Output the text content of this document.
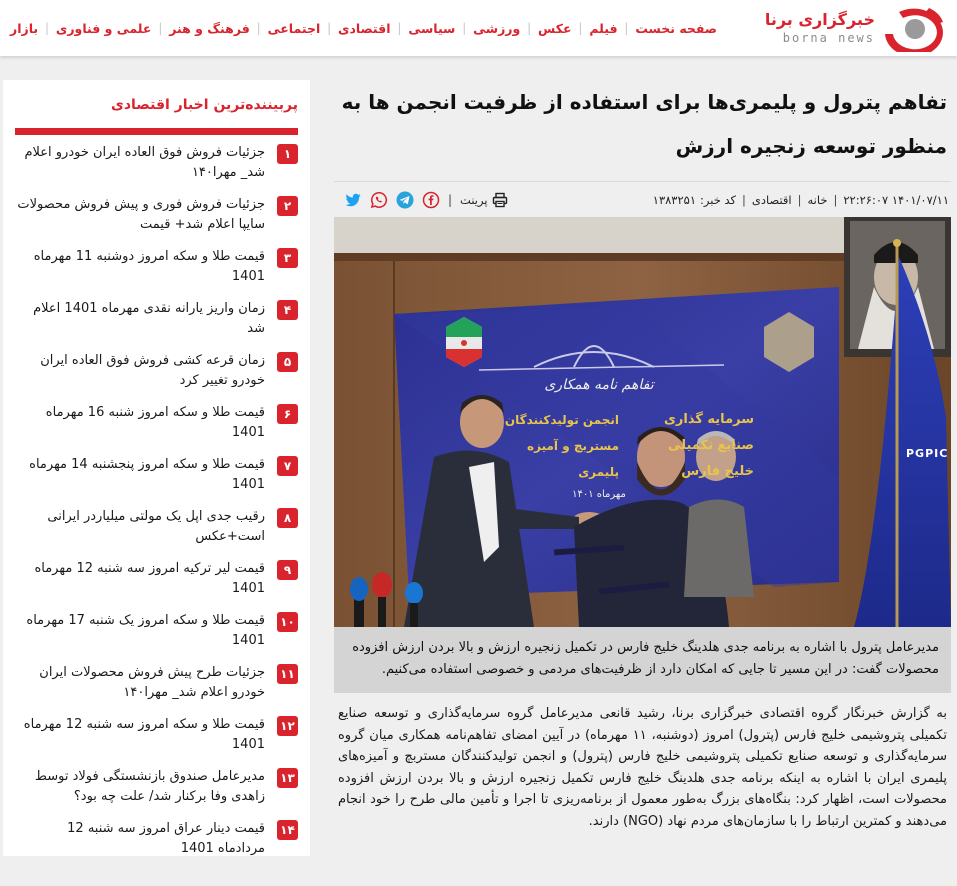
خبرگزاری برنا
borna news
صفحه نخست
|
فیلم
|
عکس
|
ورزشی
|
سیاسی
|
اقتصادی
|
اجتماعی
|
فرهنگ و هنر
|
علمی و فناوری
|
بازار
پربیننده‌ترین اخبار اقتصادی
۱
جزئیات فروش فوق العاده ایران خودرو اعلام شد_ مهرا۱۴۰
۲
جزئیات فروش فوری و پیش فروش محصولات سایپا اعلام شد+ قیمت
۳
قیمت طلا و سکه امروز دوشنبه 11 مهرماه 1401
۴
زمان واریز یارانه نقدی مهرماه 1401 اعلام شد
۵
زمان قرعه کشی فروش فوق العاده ایران خودرو تغییر کرد
۶
قیمت طلا و سکه امروز شنبه 16 مهرماه 1401
۷
قیمت طلا و سکه امروز پنجشنبه 14 مهرماه 1401
۸
رقیب جدی اپل یک مولتی میلیاردر ایرانی است+عکس
۹
قیمت لیر ترکیه امروز سه شنبه 12 مهرماه 1401
۱۰
قیمت طلا و سکه امروز یک شنبه 17 مهرماه 1401
۱۱
جزئیات طرح پیش فروش محصولات ایران خودرو اعلام شد_ مهرا۱۴۰
۱۲
قیمت طلا و سکه امروز سه شنبه 12 مهرماه 1401
۱۳
مدیرعامل صندوق بازنشستگی فولاد توسط زاهدی وفا برکنار شد/ علت چه بود؟
۱۴
قیمت دینار عراق امروز سه شنبه 12 مردادماه 1401
تفاهم پترول و پلیمری‌ها برای استفاده از ظرفیت انجمن ها به منظور توسعه زنجیره ارزش
۱۴۰۱/۰۷/۱۱ ۲۲:۲۶:۰۷
|
خانه
|
اقتصادی
|
کد خبر:
۱۳۸۳۲۵۱
پرینت
|
تفاهم نامه همکاری
سرمایه گذاری
صنایع تکمیلی
خلیج فارس
انجمن تولیدکنندگان
مستربچ و آمیزه
پلیمری
مهرماه ۱۴۰۱
PGPIC
مدیرعامل پترول با اشاره به برنامه جدی هلدینگ خلیج فارس در تکمیل زنجیره ارزش و بالا بردن ارزش افزوده محصولات گفت: در این مسیر تا جایی که امکان دارد از ظرفیت‌های مردمی و خصوصی استفاده می‌کنیم.
به گزارش خبرنگار گروه اقتصادی خبرگزاری برنا، رشید قانعی مدیرعامل گروه سرمایه‌گذاری و توسعه صنایع تکمیلی پتروشیمی خلیج فارس (پترول) امروز (دوشنبه، ۱۱ مهرماه) در آیین امضای تفاهم‌نامه همکاری میان گروه سرمایه‌گذاری و توسعه صنایع تکمیلی پتروشیمی خلیج فارس (پترول) و انجمن تولیدکنندگان مستربچ و آمیزه‌های پلیمری ایران با اشاره به اینکه برنامه جدی هلدینگ خلیج فارس تکمیل زنجیره ارزش و بالا بردن ارزش افزوده محصولات است، اظهار کرد: بنگاه‌های بزرگ به‌طور معمول از برنامه‌ریزی تا اجرا و تأمین مالی طرح را خود انجام می‌دهند و کمترین ارتباط را با سازمان‌های مردم نهاد (NGO) دارند.
